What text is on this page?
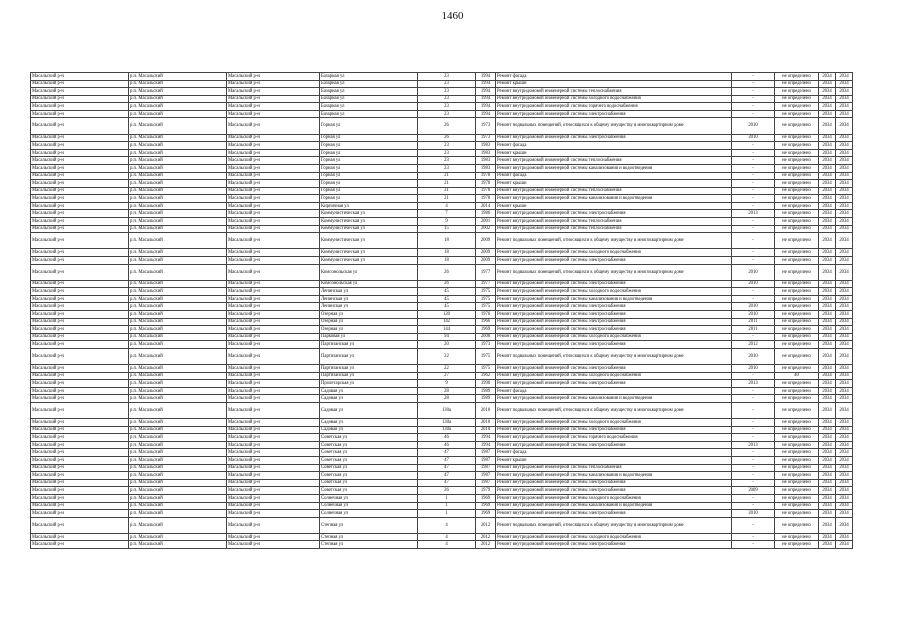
1460
Масальский р-н	р.п. Масальский	Масальский р-н	Базарная ул	23	1994	Ремонт фасада	-	не определено	2034	2034
Масальский р-н	р.п. Масальский	Масальский р-н	Базарная ул	23	1994	Ремонт крыши	-	не определено	2034	2034
Масальский р-н	р.п. Масальский	Масальский р-н	Базарная ул	23	1994	Ремонт внутридомовой инженерной системы теплоснабжения	-	не определено	2034	2034
Масальский р-н	р.п. Масальский	Масальский р-н	Базарная ул	23	1994	Ремонт внутридомовой инженерной системы холодного водоснабжения	-	не определено	2034	2034
Масальский р-н	р.п. Масальский	Масальский р-н	Базарная ул	23	1994	Ремонт внутридомовой инженерной системы горячего водоснабжения	-	не определено	2034	2034
Масальский р-н	р.п. Масальский	Масальский р-н	Базарная ул	23	1994	Ремонт внутридомовой инженерной системы электроснабжения	-	не определено	2034	2034
Масальский р-н	р.п. Масальский	Масальский р-н	Горная ул	26	1973	Ремонт подвальных помещений, относящихся к общему имуществу в многоквартирном доме	2010	не определено	2034	2034
Масальский р-н	р.п. Масальский	Масальский р-н	Горная ул	26	1973	Ремонт внутридомовой инженерной системы электроснабжения	2010	не определено	2034	2034
Масальский р-н	р.п. Масальский	Масальский р-н	Горная ул	23	1983	Ремонт фасада	-	не определено	2034	2034
Масальский р-н	р.п. Масальский	Масальский р-н	Горная ул	23	1983	Ремонт крыши	-	не определено	2034	2034
Масальский р-н	р.п. Масальский	Масальский р-н	Горная ул	23	1983	Ремонт внутридомовой инженерной системы теплоснабжения	-	не определено	2034	2034
Масальский р-н	р.п. Масальский	Масальский р-н	Горная ул	23	1983	Ремонт внутридомовой инженерной системы канализования и водоотведения	-	не определено	2034	2034
Масальский р-н	р.п. Масальский	Масальский р-н	Горная ул	21	1978	Ремонт фасада	-	не определено	2034	2034
Масальский р-н	р.п. Масальский	Масальский р-н	Горная ул	21	1978	Ремонт крыши	-	не определено	2034	2034
Масальский р-н	р.п. Масальский	Масальский р-н	Горная ул	21	1978	Ремонт внутридомовой инженерной системы теплоснабжения	-	не определено	2034	2034
Масальский р-н	р.п. Масальский	Масальский р-н	Горная ул	21	1978	Ремонт внутридомовой инженерной системы канализования и водоотведения	-	не определено	2034	2034
Масальский р-н	р.п. Масальский	Масальский р-н	Кирпичная ул	4	2014	Ремонт крыши	-	не определено	2034	2034
Масальский р-н	р.п. Масальский	Масальский р-н	Коммунистическая ул	7	1986	Ремонт внутридомовой инженерной системы электроснабжения	2013	не определено	2034	2034
Масальский р-н	р.п. Масальский	Масальский р-н	Коммунистическая ул	9	2001	Ремонт внутридомовой инженерной системы теплоснабжения	-	не определено	2034	2034
Масальский р-н	р.п. Масальский	Масальский р-н	Коммунистическая ул	15	2002	Ремонт внутридомовой инженерной системы теплоснабжения	-	не определено	2034	2034
Масальский р-н	р.п. Масальский	Масальский р-н	Коммунистическая ул	18	2009	Ремонт подвальных помещений, относящихся к общему имуществу в многоквартирном доме	-	не определено	2034	2034
Масальский р-н	р.п. Масальский	Масальский р-н	Коммунистическая ул	18	2009	Ремонт внутридомовой инженерной системы холодного водоснабжения	-	не определено	2034	2034
Масальский р-н	р.п. Масальский	Масальский р-н	Коммунистическая ул	18	2009	Ремонт внутридомовой инженерной системы электроснабжения	-	не определено	2034	2034
Масальский р-н	р.п. Масальский	Масальский р-н	Комсомольская ул	26	1977	Ремонт подвальных помещений, относящихся к общему имуществу в многоквартирном доме	2010	не определено	2034	2034
Масальский р-н	р.п. Масальский	Масальский р-н	Комсомольская ул	26	1977	Ремонт внутридомовой инженерной системы электроснабжения	2010	не определено	2034	2034
Масальский р-н	р.п. Масальский	Масальский р-н	Ленинская ул	45	1975	Ремонт внутридомовой инженерной системы холодного водоснабжения	-	не определено	2034	2034
Масальский р-н	р.п. Масальский	Масальский р-н	Ленинская ул	45	1975	Ремонт внутридомовой инженерной системы канализования и водоотведения	-	не определено	2034	2034
Масальский р-н	р.п. Масальский	Масальский р-н	Ленинская ул	45	1975	Ремонт внутридомовой инженерной системы электроснабжения	2010	не определено	2034	2034
Масальский р-н	р.п. Масальский	Масальский р-н	Озерная ул	120	1976	Ремонт внутридомовой инженерной системы электроснабжения	2010	не определено	2034	2034
Масальский р-н	р.п. Масальский	Масальский р-н	Озерная ул	142	1966	Ремонт внутридомовой инженерной системы электроснабжения	2011	не определено	2034	2034
Масальский р-н	р.п. Масальский	Масальский р-н	Озерная ул	144	1969	Ремонт внутридомовой инженерной системы электроснабжения	2011	не определено	2034	2034
Масальский р-н	р.п. Масальский	Масальский р-н	Парковая ул	94	2008	Ремонт внутридомовой инженерной системы холодного водоснабжения	-	не определено	2034	2034
Масальский р-н	р.п. Масальский	Масальский р-н	Партизанская ул	20	1973	Ремонт внутридомовой инженерной системы электроснабжения	2012	не определено	2034	2034
Масальский р-н	р.п. Масальский	Масальский р-н	Партизанская ул	22	1975	Ремонт подвальных помещений, относящихся к общему имуществу в многоквартирном доме	2010	не определено	2034	2034
Масальский р-н	р.п. Масальский	Масальский р-н	Партизанская ул	22	1975	Ремонт внутридомовой инженерной системы электроснабжения	2010	не определено	2034	2034
Масальский р-н	р.п. Масальский	Масальский р-н	Партизанская ул	27	1962	Ремонт внутридомовой инженерной системы холодного водоснабжения	-	40	2034	2034
Масальский р-н	р.п. Масальский	Масальский р-н	Пролетарская ул	9	1990	Ремонт внутридомовой инженерной системы электроснабжения	2013	не определено	2034	2034
Масальский р-н	р.п. Масальский	Масальский р-н	Садовая ул	28	1989	Ремонт фасада	-	не определено	2034	2034
Масальский р-н	р.п. Масальский	Масальский р-н	Садовая ул	28	1989	Ремонт внутридомовой инженерной системы канализования и водоотведения	-	не определено	2034	2034
Масальский р-н	р.п. Масальский	Масальский р-н	Садовая ул	130а	2010	Ремонт подвальных помещений, относящихся к общему имуществу в многоквартирном доме	-	не определено	2034	2034
Масальский р-н	р.п. Масальский	Масальский р-н	Садовая ул	130а	2010	Ремонт внутридомовой инженерной системы холодного водоснабжения	-	не определено	2034	2034
Масальский р-н	р.п. Масальский	Масальский р-н	Садовая ул	130а	2010	Ремонт внутридомовой инженерной системы электроснабжения	-	не определено	2034	2034
Масальский р-н	р.п. Масальский	Масальский р-н	Советская ул	46	1994	Ремонт внутридомовой инженерной системы горячего водоснабжения	-	не определено	2034	2034
Масальский р-н	р.п. Масальский	Масальский р-н	Советская ул	46	1994	Ремонт внутридомовой инженерной системы электроснабжения	2013	не определено	2034	2034
Масальский р-н	р.п. Масальский	Масальский р-н	Советская ул	47	1987	Ремонт фасада	-	не определено	2034	2034
Масальский р-н	р.п. Масальский	Масальский р-н	Советская ул	47	1987	Ремонт крыши	-	не определено	2034	2034
Масальский р-н	р.п. Масальский	Масальский р-н	Советская ул	47	1987	Ремонт внутридомовой инженерной системы теплоснабжения	-	не определено	2034	2034
Масальский р-н	р.п. Масальский	Масальский р-н	Советская ул	47	1987	Ремонт внутридомовой инженерной системы канализования и водоотведения	-	не определено	2034	2034
Масальский р-н	р.п. Масальский	Масальский р-н	Советская ул	47	1987	Ремонт внутридомовой инженерной системы электроснабжения	-	не определено	2034	2034
Масальский р-н	р.п. Масальский	Масальский р-н	Советская ул	26	1979	Ремонт внутридомовой инженерной системы электроснабжения	2009	не определено	2034	2034
Масальский р-н	р.п. Масальский	Масальский р-н	Солнечная ул	1	1969	Ремонт внутридомовой инженерной системы холодного водоснабжения	-	не определено	2034	2034
Масальский р-н	р.п. Масальский	Масальский р-н	Солнечная ул	1	1969	Ремонт внутридомовой инженерной системы канализования и водоотведения	-	не определено	2034	2034
Масальский р-н	р.п. Масальский	Масальский р-н	Солнечная ул	1	1969	Ремонт внутридомовой инженерной системы электроснабжения	2010	не определено	2034	2034
Масальский р-н	р.п. Масальский	Масальский р-н	Степная ул	4	2012	Ремонт подвальных помещений, относящихся к общему имуществу в многоквартирном доме	-	не определено	2034	2034
Масальский р-н	р.п. Масальский	Масальский р-н	Степная ул	4	2012	Ремонт внутридомовой инженерной системы холодного водоснабжения	-	не определено	2034	2034
Масальский р-н	р.п. Масальский	Масальский р-н	Степная ул	4	2012	Ремонт внутридомовой инженерной системы электроснабжения	-	не определено	2034	2034
